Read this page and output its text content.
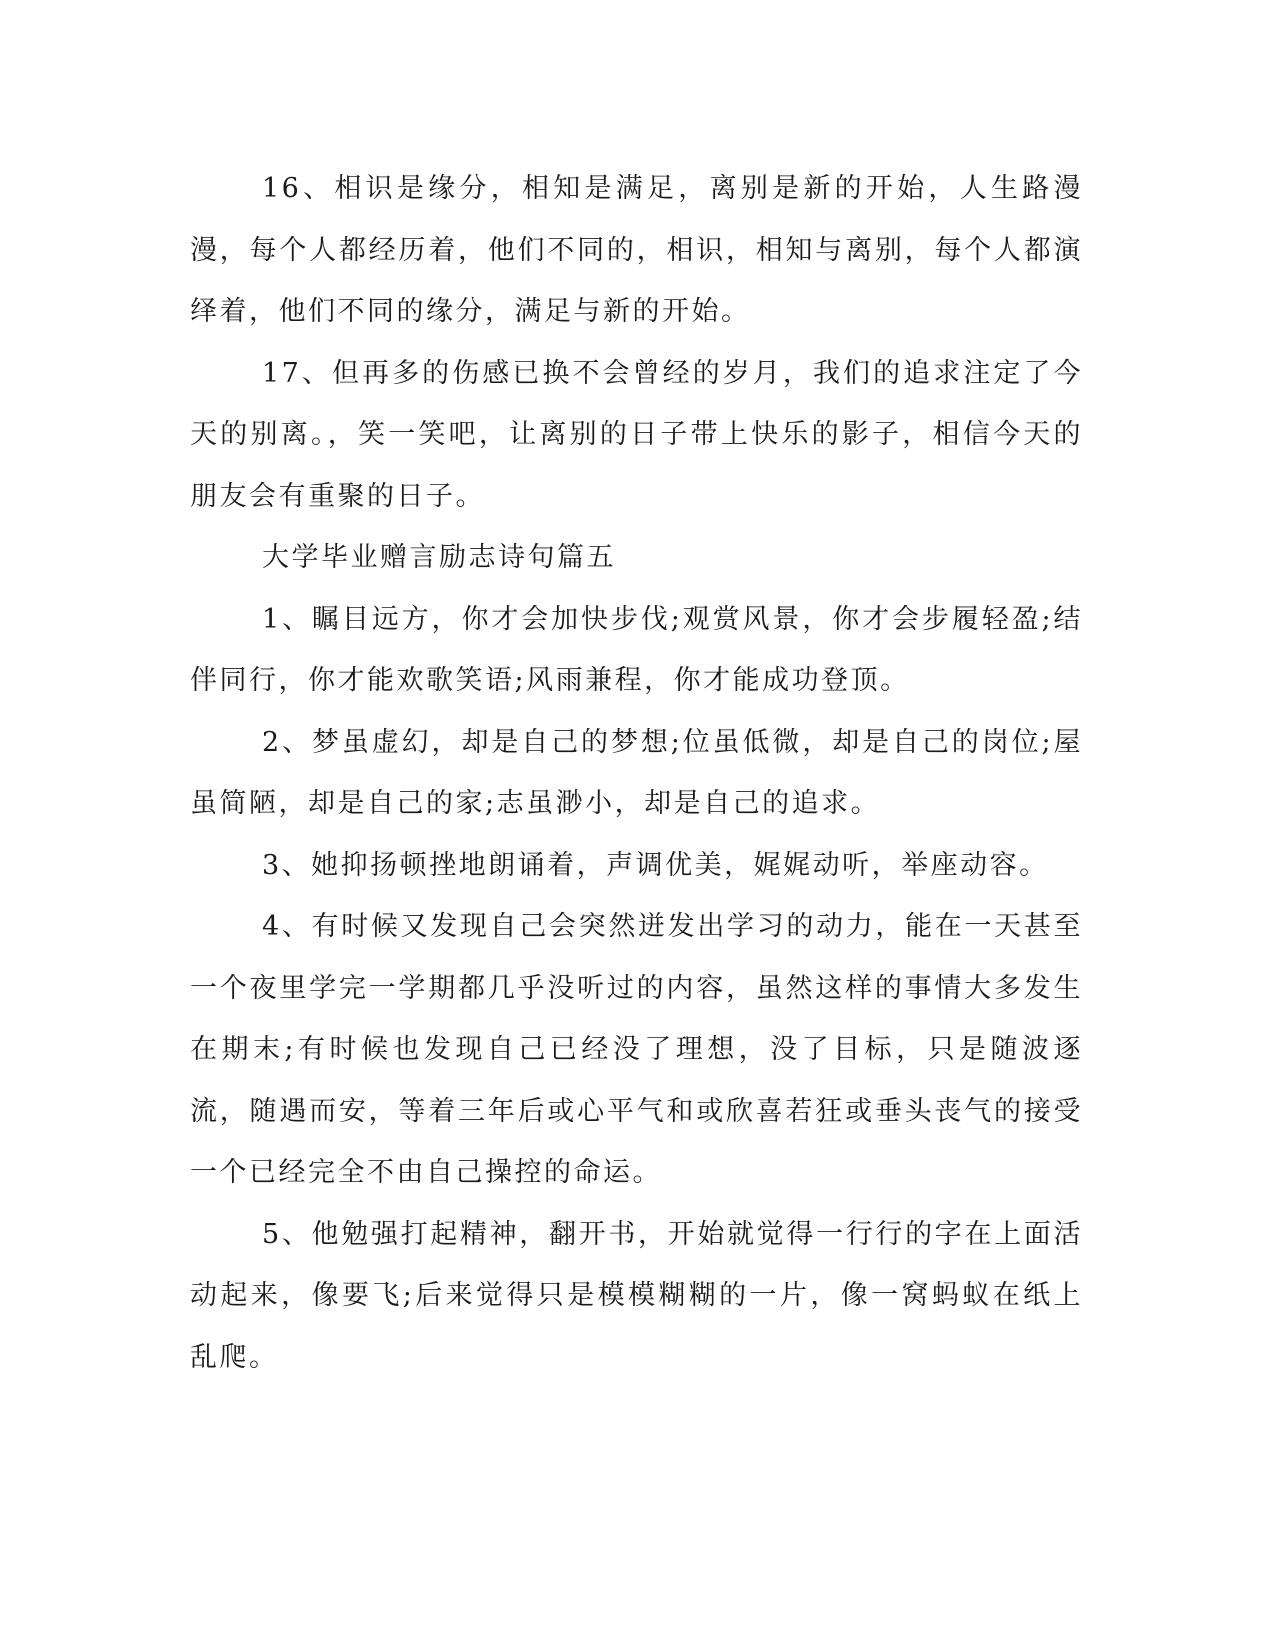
16、相识是缘分，相知是满足，离别是新的开始，人生路漫漫，每个人都经历着，他们不同的，相识，相知与离别，每个人都演绎着，他们不同的缘分，满足与新的开始。

17、但再多的伤感已换不会曾经的岁月，我们的追求注定了今天的别离。，笑一笑吧，让离别的日子带上快乐的影子，相信今天的朋友会有重聚的日子。

大学毕业赠言励志诗句篇五

1、瞩目远方，你才会加快步伐;观赏风景，你才会步履轻盈;结伴同行，你才能欢歌笑语;风雨兼程，你才能成功登顶。

2、梦虽虚幻，却是自己的梦想;位虽低微，却是自己的岗位;屋虽简陋，却是自己的家;志虽渺小，却是自己的追求。

3、她抑扬顿挫地朗诵着，声调优美，娓娓动听，举座动容。

4、有时候又发现自己会突然迸发出学习的动力，能在一天甚至一个夜里学完一学期都几乎没听过的内容，虽然这样的事情大多发生在期末;有时候也发现自己已经没了理想，没了目标，只是随波逐流，随遇而安，等着三年后或心平气和或欣喜若狂或垂头丧气的接受一个已经完全不由自己操控的命运。

5、他勉强打起精神，翻开书，开始就觉得一行行的字在上面活动起来，像要飞;后来觉得只是模模糊糊的一片，像一窝蚂蚁在纸上乱爬。
